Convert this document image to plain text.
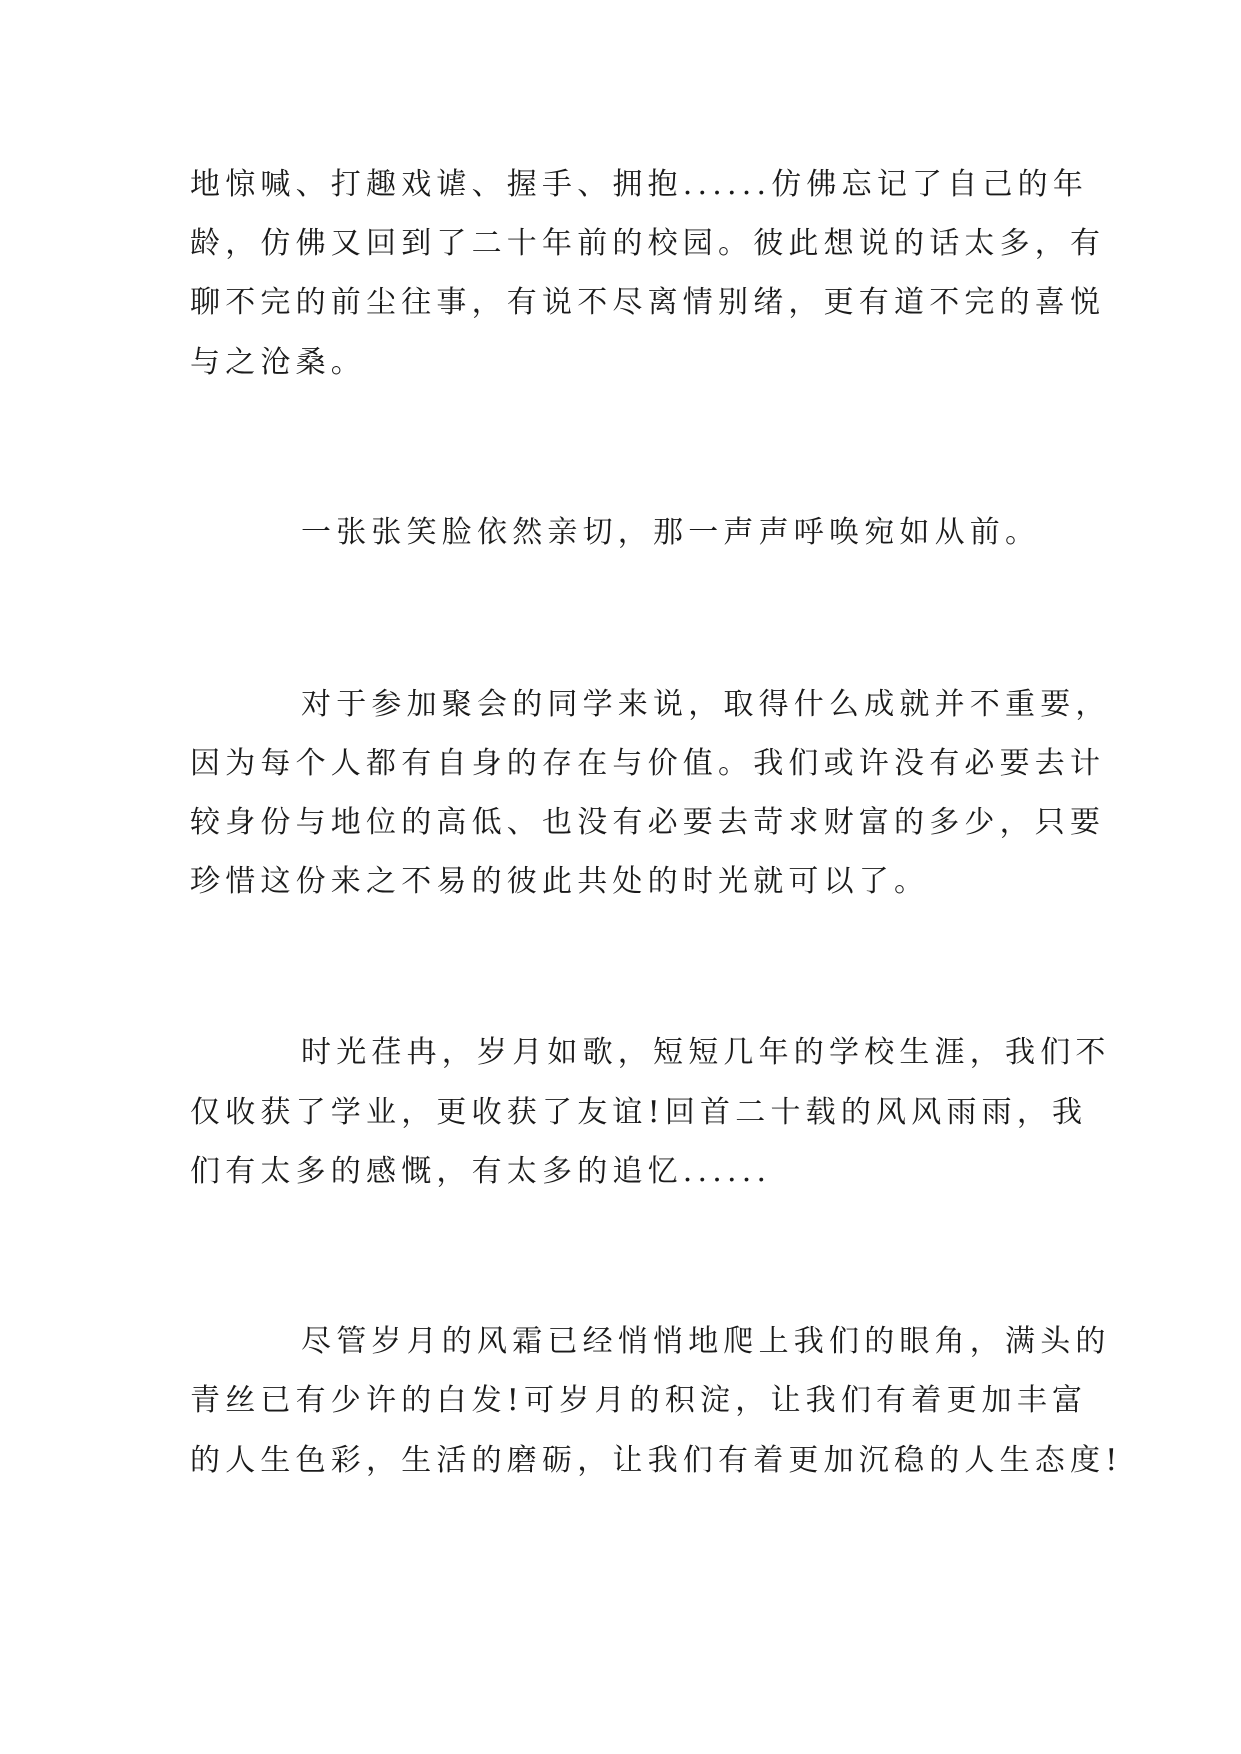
地惊喊、打趣戏谑、握手、拥抱......仿佛忘记了自己的年
龄，仿佛又回到了二十年前的校园。彼此想说的话太多，有
聊不完的前尘往事，有说不尽离情别绪，更有道不完的喜悦
与之沧桑。
一张张笑脸依然亲切，那一声声呼唤宛如从前。
对于参加聚会的同学来说，取得什么成就并不重要，
因为每个人都有自身的存在与价值。我们或许没有必要去计
较身份与地位的高低、也没有必要去苛求财富的多少，只要
珍惜这份来之不易的彼此共处的时光就可以了。
时光荏冉，岁月如歌，短短几年的学校生涯，我们不
仅收获了学业，更收获了友谊!回首二十载的风风雨雨，我
们有太多的感慨，有太多的追忆......
尽管岁月的风霜已经悄悄地爬上我们的眼角，满头的
青丝已有少许的白发!可岁月的积淀，让我们有着更加丰富
的人生色彩，生活的磨砺，让我们有着更加沉稳的人生态度!
